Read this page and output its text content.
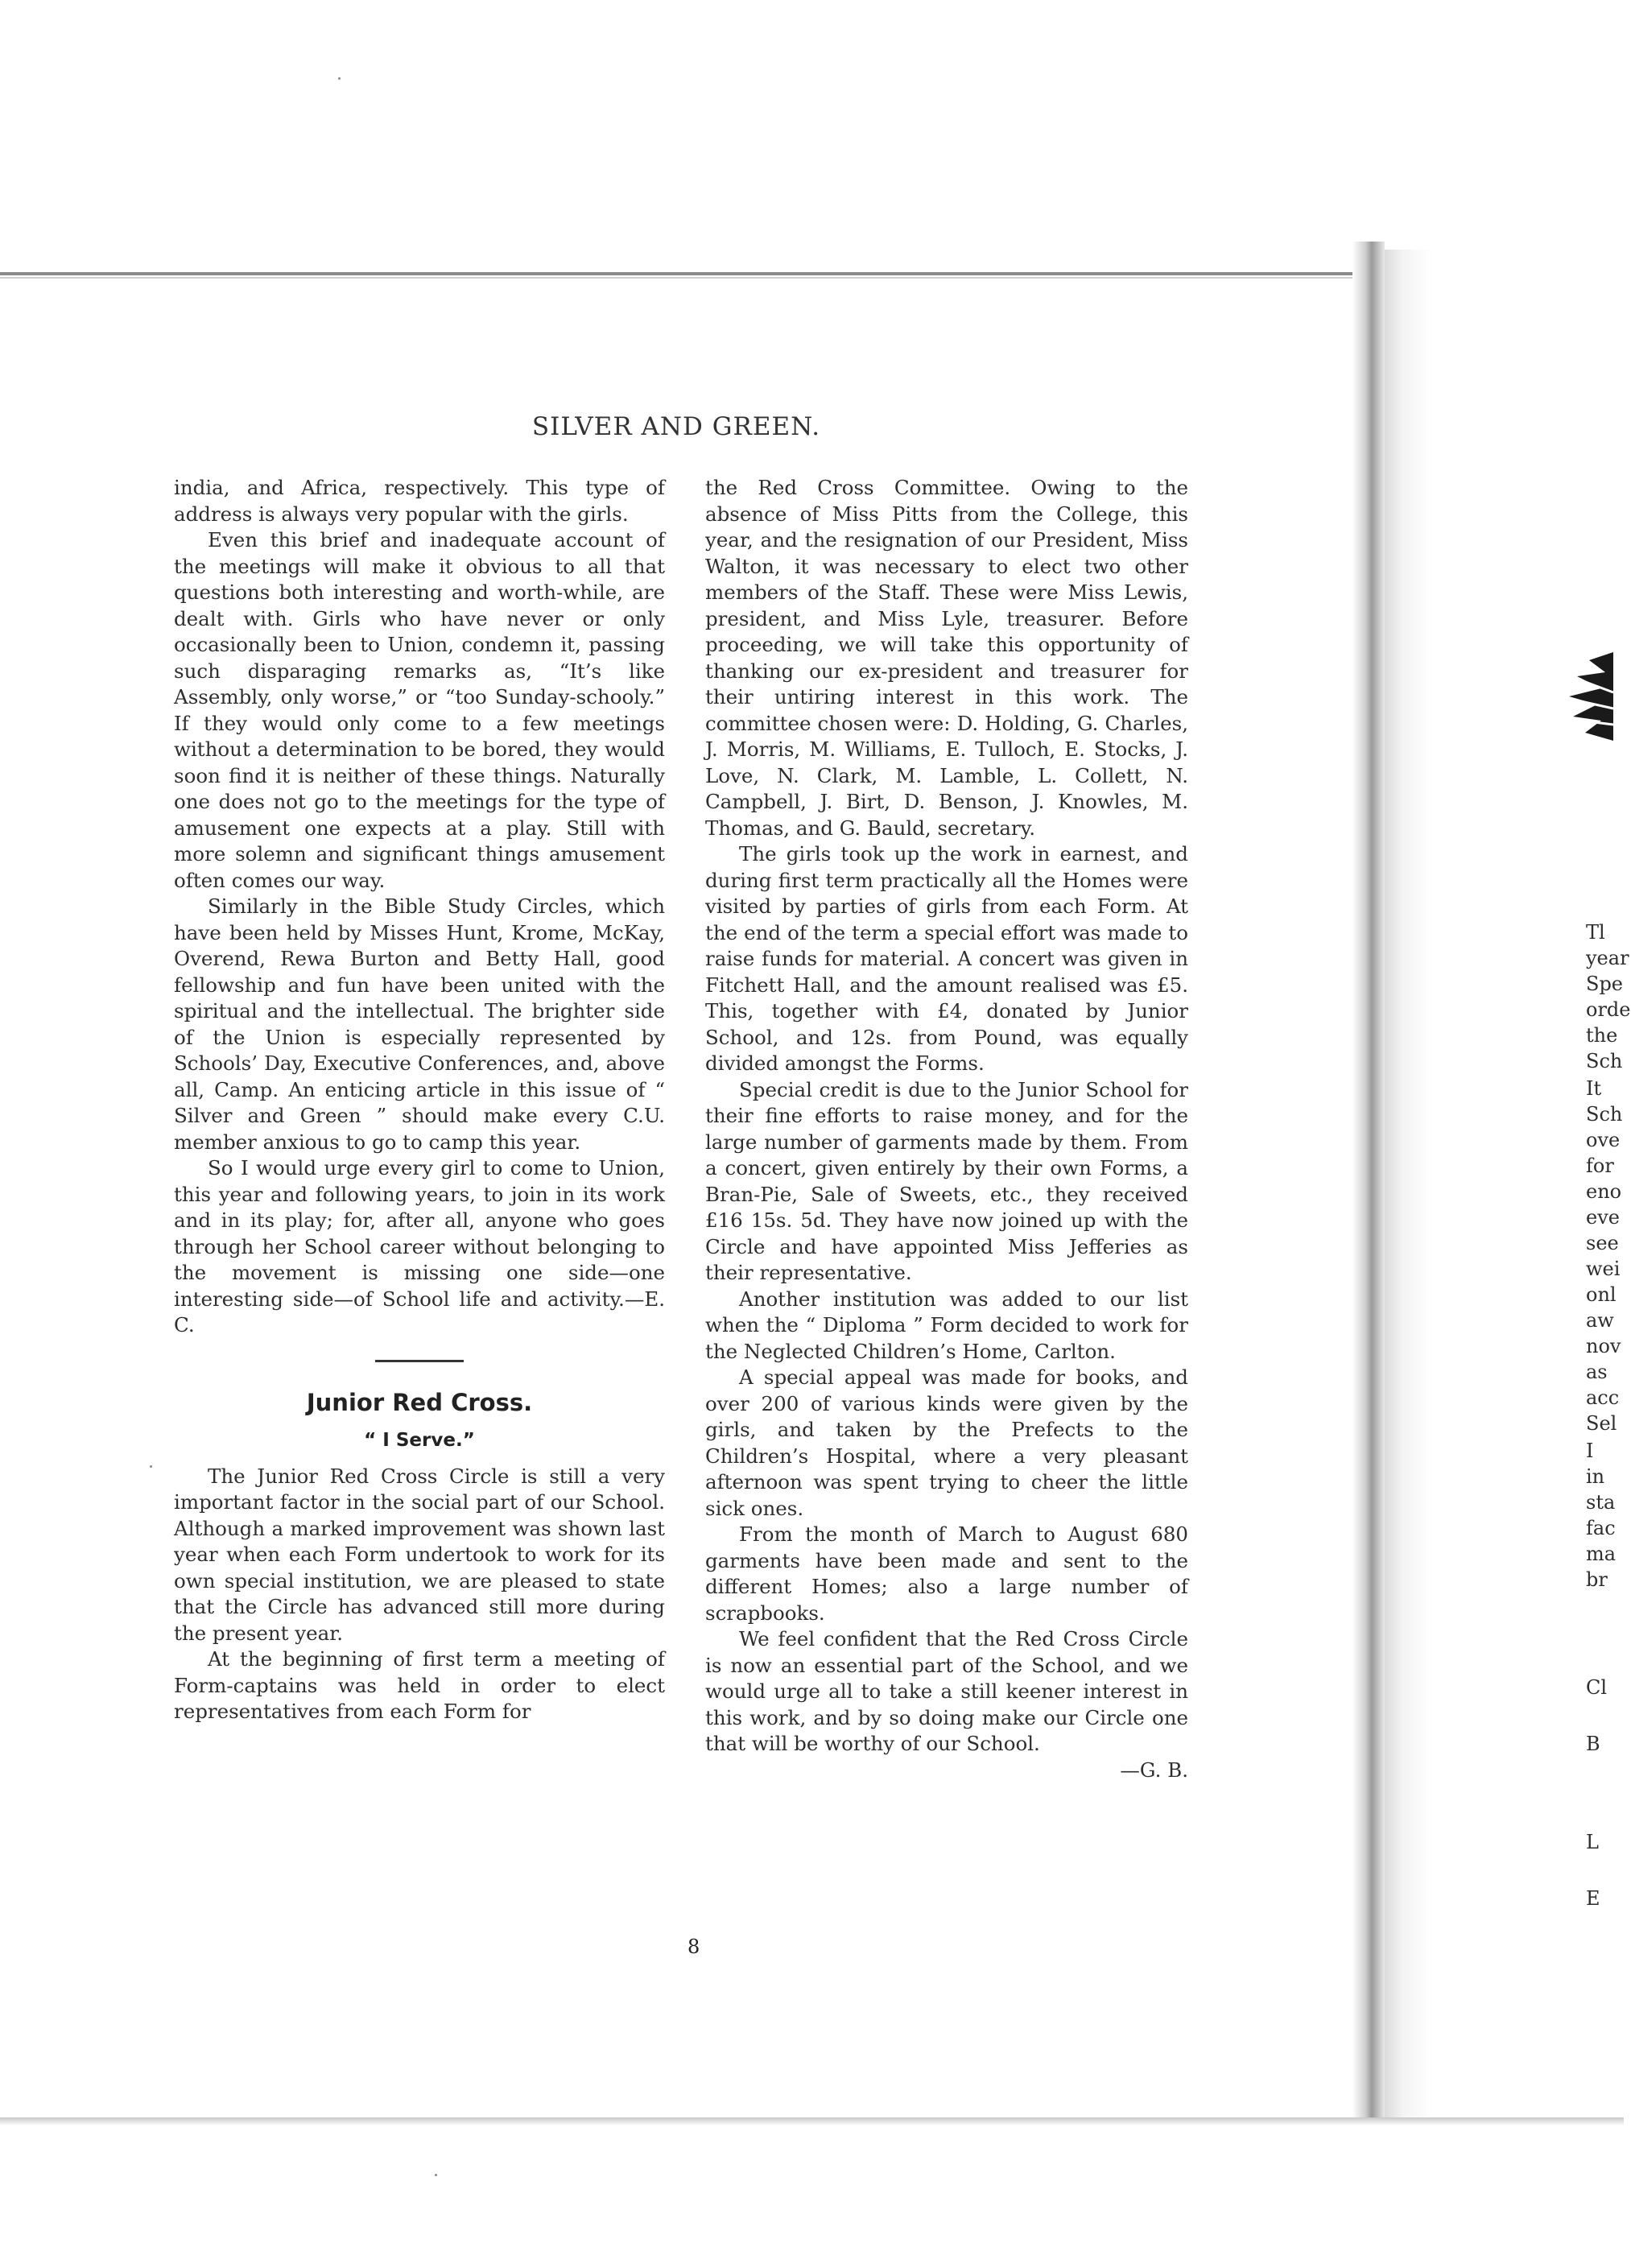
SILVER AND GREEN.

india, and Africa, respectively. This type of address is always very popular with the girls.

Even this brief and inadequate account of the meetings will make it obvious to all that questions both interesting and worth-while, are dealt with. Girls who have never or only occasionally been to Union, condemn it, passing such disparaging remarks as, “It’s like Assembly, only worse,” or “too Sunday-schooly.” If they would only come to a few meetings without a determination to be bored, they would soon find it is neither of these things. Naturally one does not go to the meetings for the type of amusement one expects at a play. Still with more solemn and significant things amusement often comes our way.

Similarly in the Bible Study Circles, which have been held by Misses Hunt, Krome, McKay, Overend, Rewa Burton and Betty Hall, good fellowship and fun have been united with the spiritual and the intellectual. The brighter side of the Union is especially represented by Schools’ Day, Executive Conferences, and, above all, Camp. An enticing article in this issue of “ Silver and Green ” should make every C.U. member anxious to go to camp this year.

So I would urge every girl to come to Union, this year and following years, to join in its work and in its play; for, after all, anyone who goes through her School career without belonging to the movement is missing one side—one interesting side—of School life and activity.—E. C.

Junior Red Cross.
“ I Serve.”

The Junior Red Cross Circle is still a very important factor in the social part of our School. Although a marked improvement was shown last year when each Form undertook to work for its own special institution, we are pleased to state that the Circle has advanced still more during the present year.

At the beginning of first term a meeting of Form-captains was held in order to elect representatives from each Form for

the Red Cross Committee. Owing to the absence of Miss Pitts from the College, this year, and the resignation of our President, Miss Walton, it was necessary to elect two other members of the Staff. These were Miss Lewis, president, and Miss Lyle, treasurer. Before proceeding, we will take this opportunity of thanking our ex-president and treasurer for their untiring interest in this work. The committee chosen were: D. Holding, G. Charles, J. Morris, M. Williams, E. Tulloch, E. Stocks, J. Love, N. Clark, M. Lamble, L. Collett, N. Campbell, J. Birt, D. Benson, J. Knowles, M. Thomas, and G. Bauld, secretary.

The girls took up the work in earnest, and during first term practically all the Homes were visited by parties of girls from each Form. At the end of the term a special effort was made to raise funds for material. A concert was given in Fitchett Hall, and the amount realised was £5. This, together with £4, donated by Junior School, and 12s. from Pound, was equally divided amongst the Forms.

Special credit is due to the Junior School for their fine efforts to raise money, and for the large number of garments made by them. From a concert, given entirely by their own Forms, a Bran-Pie, Sale of Sweets, etc., they received £16 15s. 5d. They have now joined up with the Circle and have appointed Miss Jefferies as their representative.

Another institution was added to our list when the “ Diploma ” Form decided to work for the Neglected Children’s Home, Carlton.

A special appeal was made for books, and over 200 of various kinds were given by the girls, and taken by the Prefects to the Children’s Hospital, where a very pleasant afternoon was spent trying to cheer the little sick ones.

From the month of March to August 680 garments have been made and sent to the different Homes; also a large number of scrapbooks.

We feel confident that the Red Cross Circle is now an essential part of the School, and we would urge all to take a still keener interest in this work, and by so doing make our Circle one that will be worthy of our School.

—G. B.
8
Tl
year
Spe
orde
the
Sch
It
Sch
ove
for
eno
eve
see
wei
onl
aw
nov
as
acc
Sel
I
in
sta
fac
ma
br
Cl
B
L
E
